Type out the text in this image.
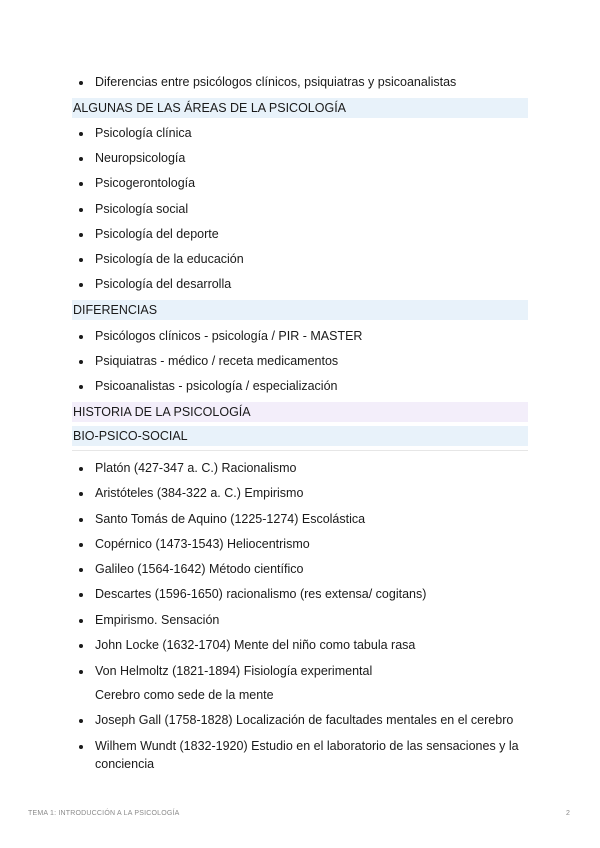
Diferencias entre psicólogos clínicos, psiquiatras y psicoanalistas
ALGUNAS DE LAS ÁREAS DE LA PSICOLOGÍA
Psicología clínica
Neuropsicología
Psicogerontología
Psicología social
Psicología del deporte
Psicología de la educación
Psicología del desarrolla
DIFERENCIAS
Psicólogos clínicos - psicología / PIR - MASTER
Psiquiatras - médico / receta medicamentos
Psicoanalistas - psicología / especialización
HISTORIA DE LA PSICOLOGÍA
BIO-PSICO-SOCIAL
Platón (427-347 a. C.) Racionalismo
Aristóteles (384-322 a. C.) Empirismo
Santo Tomás de Aquino (1225-1274) Escolástica
Copérnico (1473-1543) Heliocentrismo
Galileo (1564-1642) Método científico
Descartes (1596-1650) racionalismo (res extensa/ cogitans)
Empirismo. Sensación
John Locke (1632-1704) Mente del niño como tabula rasa
Von Helmoltz (1821-1894) Fisiología experimental
Cerebro como sede de la mente
Joseph Gall (1758-1828) Localización de facultades mentales en el cerebro
Wilhem Wundt (1832-1920) Estudio en el laboratorio de las sensaciones y la conciencia
TEMA 1: INTRODUCCIÓN A LA PSICOLOGÍA	2
